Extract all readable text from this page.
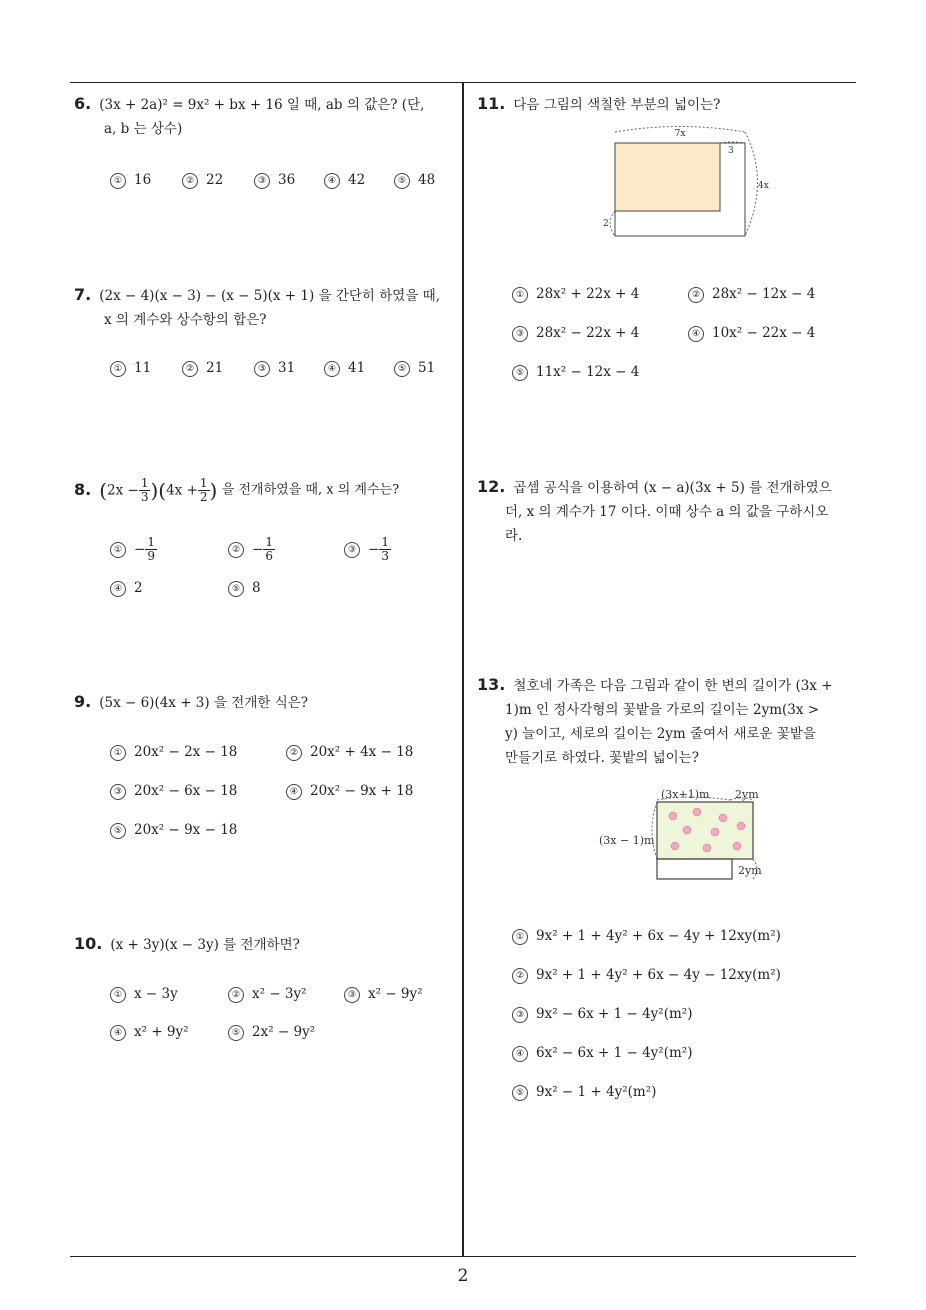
6. (3x + 2a)² = 9x² + bx + 16 일 때, ab 의 값은? (단,
a, b 는 상수)
① 16	② 22	③ 36	④ 42	⑤ 48
7. (2x − 4)(x − 3) − (x − 5)(x + 1) 을 간단히 하였을 때,
x 의 계수와 상수항의 합은?
① 11	② 21	③ 31	④ 41	⑤ 51
8. $(2x - \frac{1}{3} )(4x + \frac{1}{2}$ ) 을 전개하였을 때, x 의 계수는?
① − $\frac{1}{9}$	② − $\frac{1}{6}$	③ − $\frac{1}{3}$
④ 2	⑤ 8
9. (5x − 6)(4x + 3) 을 전개한 식은?
① 20x² − 2x − 18	② 20x² + 4x − 18
③ 20x² − 6x − 18	④ 20x² − 9x + 18
⑤ 20x² − 9x − 18
10. (x + 3y)(x − 3y) 를 전개하면?
① x − 3y	② x² − 3y²	③ x² − 9y²
④ x² + 9y²	⑤ 2x² − 9y²
11. 다음 그림의 색칠한 부분의 넓이는?
7x
4x
2
3
① 28x² + 22x + 4	② 28x² − 12x − 4
③ 28x² − 22x + 4	④ 10x² − 22x − 4
⑤ 11x² − 12x − 4
12. 곱셈 공식을 이용하여 (x − a)(3x + 5) 를 전개하였으
더, x 의 계수가 17 이다. 이때 상수 a 의 값을 구하시오
라.
13. 철호네 가족은 다음 그림과 같이 한 변의 길이가 (3x +
1)m 인 정사각형의 꽃밭을 가로의 길이는 2ym(3x >
y) 늘이고, 세로의 길이는 2ym 줄여서 새로운 꽃밭을
만들기로 하였다. 꽃밭의 넓이는?
(3x+1)m 2ym
(3x − 1)m
2ym
① 9x² + 1 + 4y² + 6x − 4y + 12xy(m²)
② 9x² + 1 + 4y² + 6x − 4y − 12xy(m²)
③ 9x² − 6x + 1 − 4y²(m²)
④ 6x² − 6x + 1 − 4y²(m²)
⑤ 9x² − 1 + 4y²(m²)
2
